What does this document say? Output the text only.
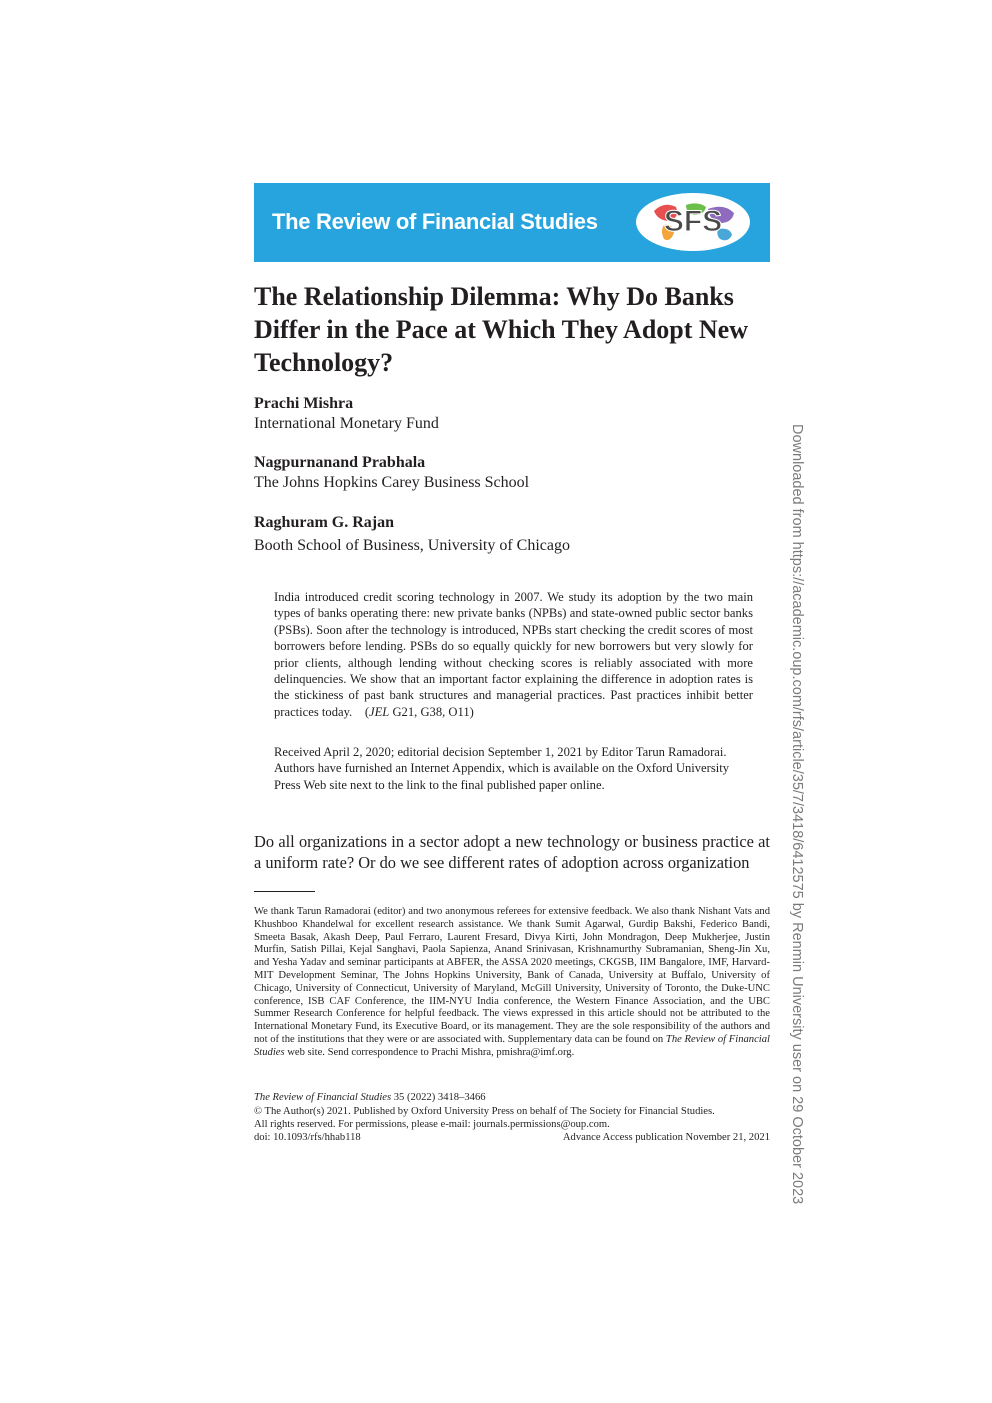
The Review of Financial Studies SFS
The Relationship Dilemma: Why Do Banks Differ in the Pace at Which They Adopt New Technology?
Prachi Mishra
International Monetary Fund
Nagpurnanand Prabhala
The Johns Hopkins Carey Business School
Raghuram G. Rajan
Booth School of Business, University of Chicago

India introduced credit scoring technology in 2007. We study its adoption by the two main types of banks operating there: new private banks (NPBs) and state-owned public sector banks (PSBs). Soon after the technology is introduced, NPBs start checking the credit scores of most borrowers before lending. PSBs do so equally quickly for new borrowers but very slowly for prior clients, although lending without checking scores is reliably associated with more delinquencies. We show that an important factor explaining the difference in adoption rates is the stickiness of past bank structures and managerial practices. Past practices inhibit better practices today.    (JEL G21, G38, O11)

Received April 2, 2020; editorial decision September 1, 2021 by Editor Tarun Ramadorai. Authors have furnished an Internet Appendix, which is available on the Oxford University Press Web site next to the link to the final published paper online.

Do all organizations in a sector adopt a new technology or business practice at a uniform rate? Or do we see different rates of adoption across organization

We thank Tarun Ramadorai (editor) and two anonymous referees for extensive feedback. We also thank Nishant Vats and Khushboo Khandelwal for excellent research assistance. We thank Sumit Agarwal, Gurdip Bakshi, Federico Bandi, Smeeta Basak, Akash Deep, Paul Ferraro, Laurent Fresard, Divya Kirti, John Mondragon, Deep Mukherjee, Justin Murfin, Satish Pillai, Kejal Sanghavi, Paola Sapienza, Anand Srinivasan, Krishnamurthy Subramanian, Sheng-Jin Xu, and Yesha Yadav and seminar participants at ABFER, the ASSA 2020 meetings, CKGSB, IIM Bangalore, IMF, Harvard-MIT Development Seminar, The Johns Hopkins University, Bank of Canada, University at Buffalo, University of Chicago, University of Connecticut, University of Maryland, McGill University, University of Toronto, the Duke-UNC conference, ISB CAF Conference, the IIM-NYU India conference, the Western Finance Association, and the UBC Summer Research Conference for helpful feedback. The views expressed in this article should not be attributed to the International Monetary Fund, its Executive Board, or its management. They are the sole responsibility of the authors and not of the institutions that they were or are associated with. Supplementary data can be found on The Review of Financial Studies web site. Send correspondence to Prachi Mishra, pmishra@imf.org.

The Review of Financial Studies 35 (2022) 3418–3466
© The Author(s) 2021. Published by Oxford University Press on behalf of The Society for Financial Studies.
All rights reserved. For permissions, please e-mail: journals.permissions@oup.com.
doi: 10.1093/rfs/hhab118	Advance Access publication November 21, 2021 Downloaded from https://academic.oup.com/rfs/article/35/7/3418/6412575 by Renmin University user on 29 October 2023
